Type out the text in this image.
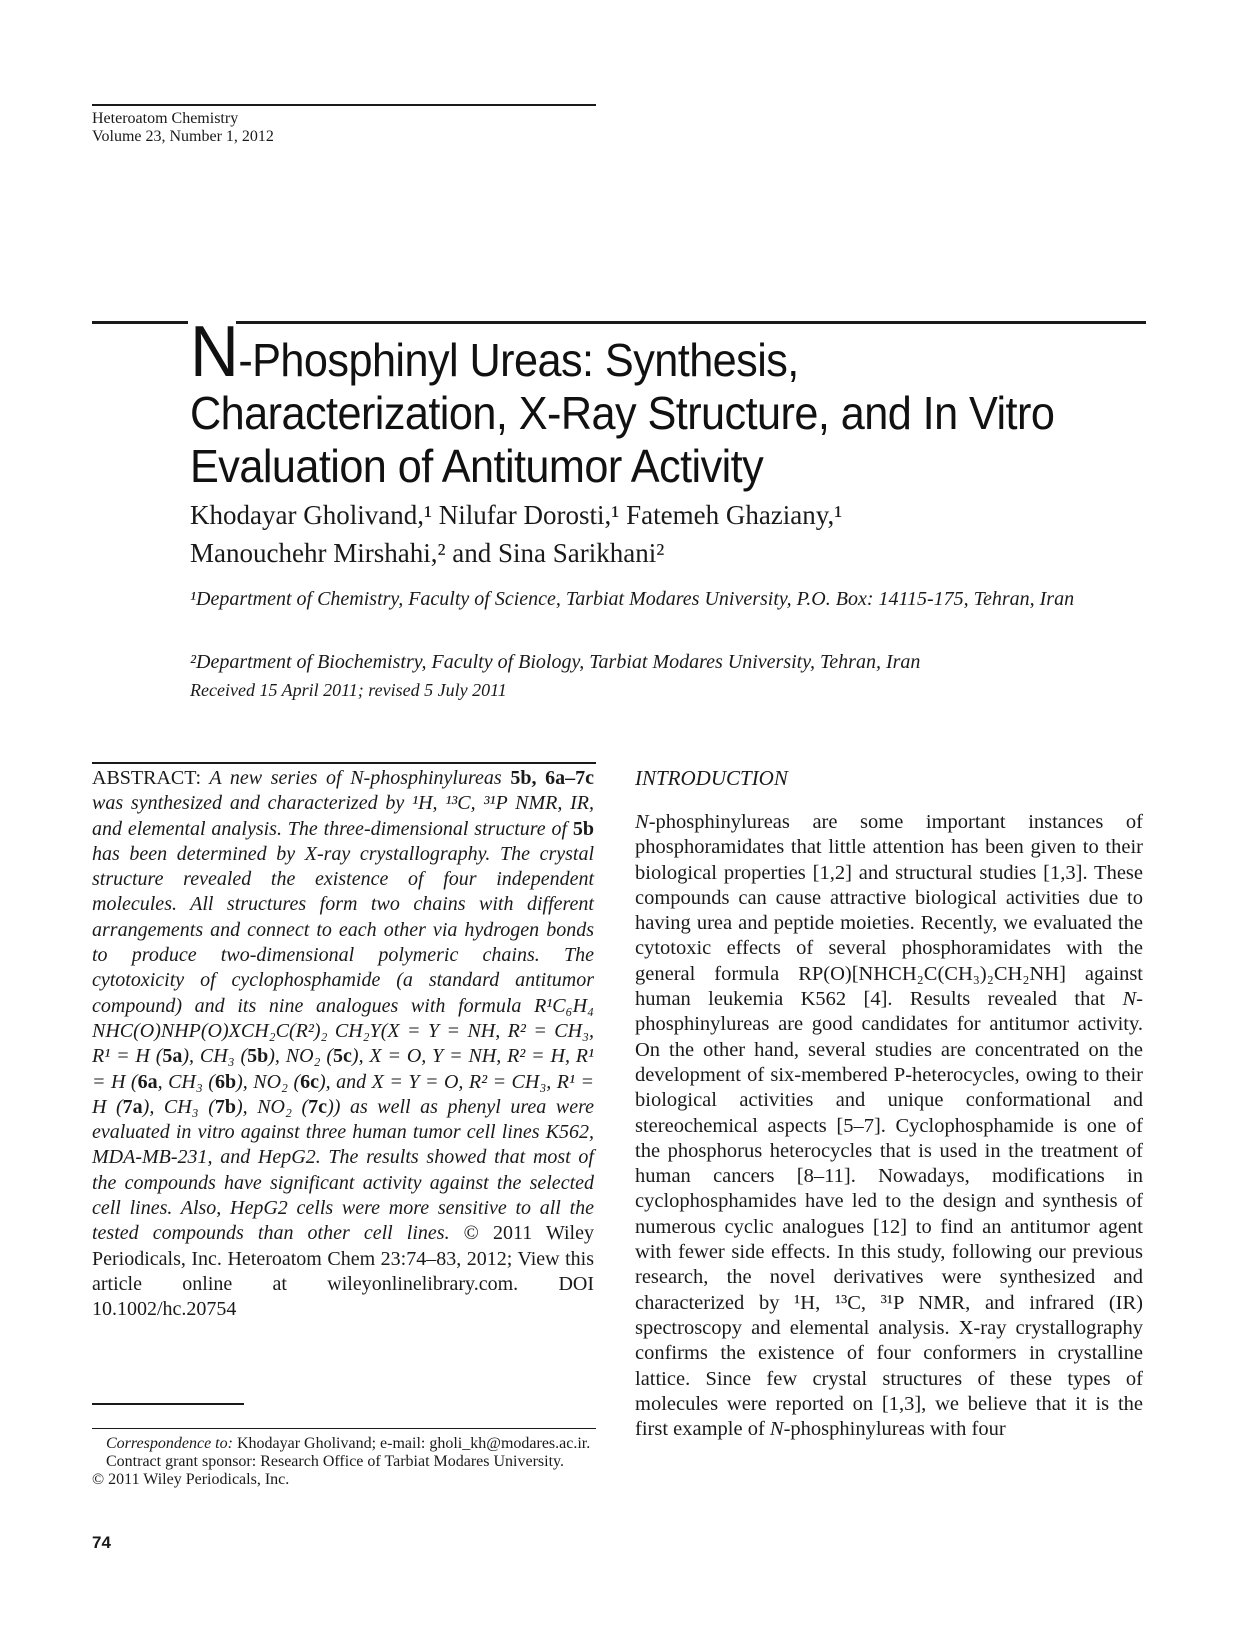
Heteroatom Chemistry
Volume 23, Number 1, 2012
N-Phosphinyl Ureas: Synthesis, Characterization, X-Ray Structure, and In Vitro Evaluation of Antitumor Activity
Khodayar Gholivand,¹ Nilufar Dorosti,¹ Fatemeh Ghaziany,¹
Manouchehr Mirshahi,² and Sina Sarikhani²
¹Department of Chemistry, Faculty of Science, Tarbiat Modares University, P.O. Box: 14115-175, Tehran, Iran
²Department of Biochemistry, Faculty of Biology, Tarbiat Modares University, Tehran, Iran
Received 15 April 2011; revised 5 July 2011
ABSTRACT: A new series of N-phosphinylureas 5b, 6a–7c was synthesized and characterized by ¹H, ¹³C, ³¹P NMR, IR, and elemental analysis. The three-dimensional structure of 5b has been determined by X-ray crystallography. The crystal structure revealed the existence of four independent molecules. All structures form two chains with different arrangements and connect to each other via hydrogen bonds to produce two-dimensional polymeric chains. The cytotoxicity of cyclophosphamide (a standard antitumor compound) and its nine analogues with formula R¹C₆H₄ NHC(O)NHP(O)XCH₂C(R²)₂ CH₂Y(X = Y = NH, R² = CH₃, R¹ = H (5a), CH₃ (5b), NO₂ (5c), X = O, Y = NH, R² = H, R¹ = H (6a, CH₃ (6b), NO₂ (6c), and X = Y = O, R² = CH₃, R¹ = H (7a), CH₃ (7b), NO₂ (7c)) as well as phenyl urea were evaluated in vitro against three human tumor cell lines K562, MDA-MB-231, and HepG2. The results showed that most of the compounds have significant activity against the selected cell lines. Also, HepG2 cells were more sensitive to all the tested compounds than other cell lines. © 2011 Wiley Periodicals, Inc. Heteroatom Chem 23:74–83, 2012; View this article online at wileyonlinelibrary.com. DOI 10.1002/hc.20754

Correspondence to: Khodayar Gholivand; e-mail: gholi_kh@modares.ac.ir.

Contract grant sponsor: Research Office of Tarbiat Modares University.

© 2011 Wiley Periodicals, Inc.

74
INTRODUCTION
N-phosphinylureas are some important instances of phosphoramidates that little attention has been given to their biological properties [1,2] and structural studies [1,3]. These compounds can cause attractive biological activities due to having urea and peptide moieties. Recently, we evaluated the cytotoxic effects of several phosphoramidates with the general formula RP(O)[NHCH₂C(CH₃)₂CH₂NH] against human leukemia K562 [4]. Results revealed that N-phosphinylureas are good candidates for antitumor activity. On the other hand, several studies are concentrated on the development of six-membered P-heterocycles, owing to their biological activities and unique conformational and stereochemical aspects [5–7]. Cyclophosphamide is one of the phosphorus heterocycles that is used in the treatment of human cancers [8–11]. Nowadays, modifications in cyclophosphamides have led to the design and synthesis of numerous cyclic analogues [12] to find an antitumor agent with fewer side effects. In this study, following our previous research, the novel derivatives were synthesized and characterized by ¹H, ¹³C, ³¹P NMR, and infrared (IR) spectroscopy and elemental analysis. X-ray crystallography confirms the existence of four conformers in crystalline lattice. Since few crystal structures of these types of molecules were reported on [1,3], we believe that it is the first example of N-phosphinylureas with four
